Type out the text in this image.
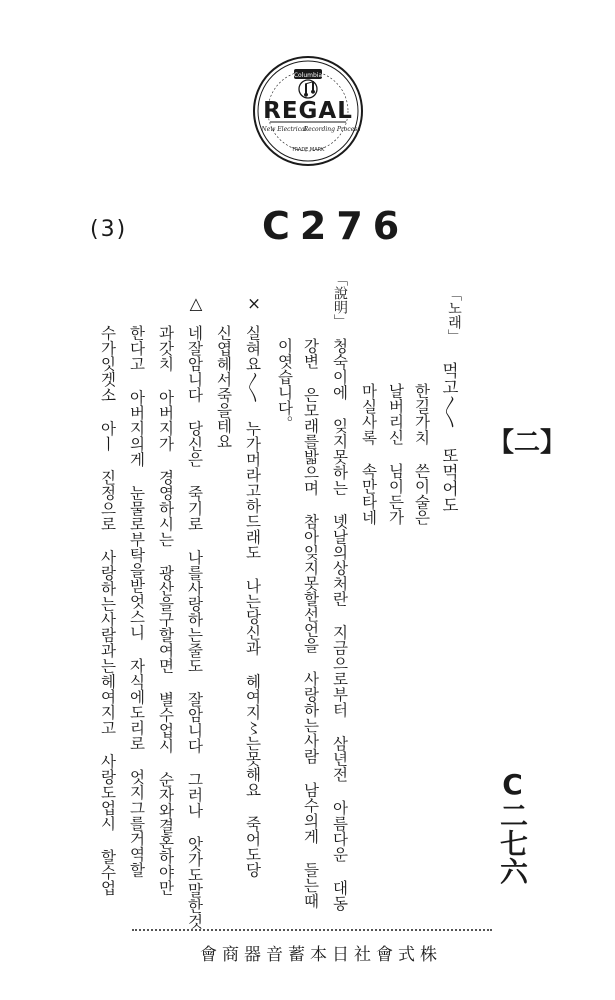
Columbia
REGAL
New Electrical
Recording Process
TRADE MARK
(3)	C276
【二】
「노래」
먹고〳〵 또먹어도
한길가치 쓴이술은
날버리신 님이든가
마실사록 속만타네
「說明」
청숙이에 잊지못하는 녯날의상처란 지금으로부터 삼년전 아름다운 대동
강변 은모래를밟으며 참아잊지못할선언을 사랑하는사람 남수의게 들는때
이엿습니다。
×
실혀요〳〵 누가머라고하드래도 나는당신과 헤여지〻는못해요 죽어도당
신엽헤서죽을테요
△
네잘암니다 당신은 죽기로 나를사랑하는줄도 잘암니다 그러나 앗가도말한것
과갓치 아버지가 경영하시는 광산을구할여면 별수업시 순자와결혼하야만
한다고 아버지의게 눈물로부탁을받엇스니 자식에도리로 엇지그를거역할
수가잇겟소 아ㅣ 진정으로 사랑하는사람과는헤여지고 사랑도업시 할수업	C二七六
會商器音蓄本日社會式株
